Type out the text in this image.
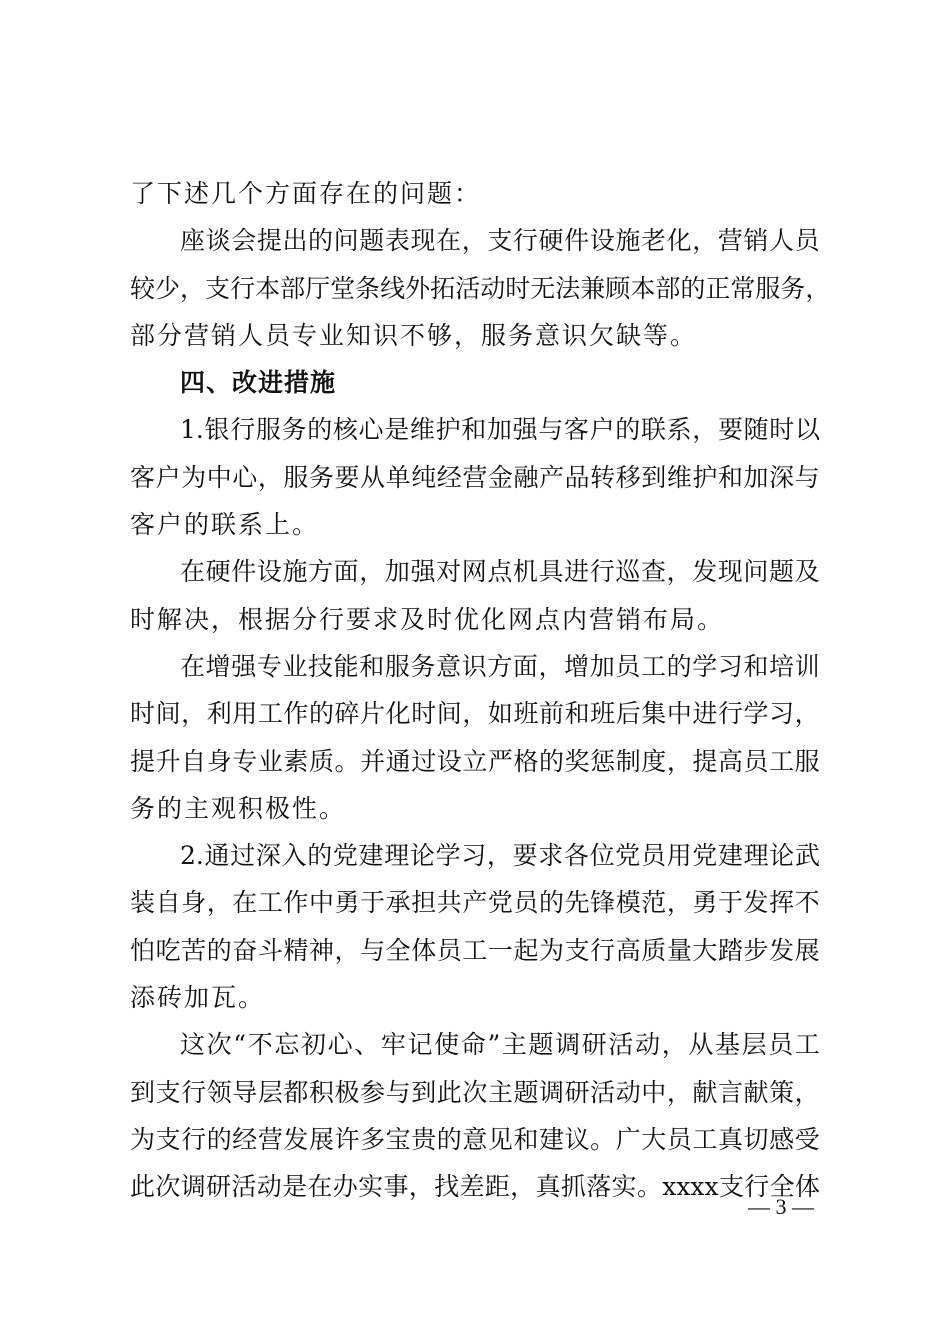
了下述几个方面存在的问题：
座 谈 会 提 出 的 问 题 表 现 在 ， 支 行 硬 件 设 施 老 化 ， 营 销 人 员
较 少 ， 支 行 本 部 厅 堂 条 线 外 拓 活 动 时 无 法 兼 顾 本 部 的 正 常 服 务 ，
部分营销人员专业知识不够，服务意识欠缺等。
四、改进措施
1. 银 行 服 务 的 核 心 是 维 护 和 加 强 与 客 户 的 联 系 ， 要 随 时 以
客 户 为 中 心 ， 服 务 要 从 单 纯 经 营 金 融 产 品 转 移 到 维 护 和 加 深 与
客户的联系上。
在 硬 件 设 施 方 面 ， 加 强 对 网 点 机 具 进 行 巡 查 ， 发 现 问 题 及
时解决，根据分行要求及时优化网点内营销布局。
在 增 强 专 业 技 能 和 服 务 意 识 方 面 ， 增 加 员 工 的 学 习 和 培 训
时 间 ， 利 用 工 作 的 碎 片 化 时 间 ， 如 班 前 和 班 后 集 中 进 行 学 习 ，
提 升 自 身 专 业 素 质 。 并 通 过 设 立 严 格 的 奖 惩 制 度 ， 提 高 员 工 服
务的主观积极性。
2. 通 过 深 入 的 党 建 理 论 学 习 ， 要 求 各 位 党 员 用 党 建 理 论 武
装 自 身 ， 在 工 作 中 勇 于 承 担 共 产 党 员 的 先 锋 模 范 ， 勇 于 发 挥 不
怕 吃 苦 的 奋 斗 精 神 ， 与 全 体 员 工 一 起 为 支 行 高 质 量 大 踏 步 发 展
添砖加瓦。
这 次 “ 不 忘 初 心 、 牢 记 使 命 ” 主 题 调 研 活 动 ， 从 基 层 员 工
到 支 行 领 导 层 都 积 极 参 与 到 此 次 主 题 调 研 活 动 中 ， 献 言 献 策 ，
为 支 行 的 经 营 发 展 许 多 宝 贵 的 意 见 和 建 议 。 广 大 员 工 真 切 感 受
此 次 调 研 活 动 是 在 办 实 事 ， 找 差 距 ， 真 抓 落 实 。 xxxx 支 行 全 体
— 3 —
